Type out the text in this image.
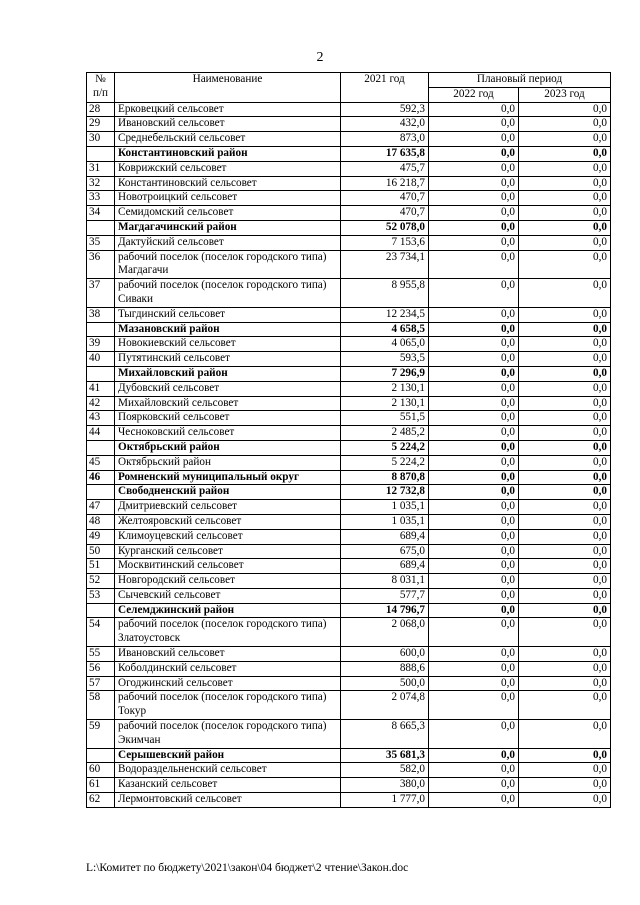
2
№ п/п	Наименование	2021 год	Плановый период	
			2022 год	2023 год
28	Ерковецкий сельсовет	592,3	0,0	0,0
29	Ивановский сельсовет	432,0	0,0	0,0
30	Среднебельский сельсовет	873,0	0,0	0,0
	Константиновский район	17 635,8	0,0	0,0
31	Коврижский сельсовет	475,7	0,0	0,0
32	Константиновский сельсовет	16 218,7	0,0	0,0
33	Новотроицкий сельсовет	470,7	0,0	0,0
34	Семидомский сельсовет	470,7	0,0	0,0
	Магдагачинский район	52 078,0	0,0	0,0
35	Дактуйский сельсовет	7 153,6	0,0	0,0
36	рабочий поселок (поселок городского типа) Магдагачи	23 734,1	0,0	0,0
37	рабочий поселок (поселок городского типа) Сиваки	8 955,8	0,0	0,0
38	Тыгдинский сельсовет	12 234,5	0,0	0,0
	Мазановский район	4 658,5	0,0	0,0
39	Новокиевский сельсовет	4 065,0	0,0	0,0
40	Путятинский сельсовет	593,5	0,0	0,0
	Михайловский район	7 296,9	0,0	0,0
41	Дубовский сельсовет	2 130,1	0,0	0,0
42	Михайловский сельсовет	2 130,1	0,0	0,0
43	Поярковский сельсовет	551,5	0,0	0,0
44	Чесноковский сельсовет	2 485,2	0,0	0,0
	Октябрьский район	5 224,2	0,0	0,0
45	Октябрьский район	5 224,2	0,0	0,0
46	Ромненский муниципальный округ	8 870,8	0,0	0,0
	Свободненский район	12 732,8	0,0	0,0
47	Дмитриевский сельсовет	1 035,1	0,0	0,0
48	Желтояровский сельсовет	1 035,1	0,0	0,0
49	Климоуцевский сельсовет	689,4	0,0	0,0
50	Курганский сельсовет	675,0	0,0	0,0
51	Москвитинский сельсовет	689,4	0,0	0,0
52	Новгородский сельсовет	8 031,1	0,0	0,0
53	Сычевский сельсовет	577,7	0,0	0,0
	Селемджинский район	14 796,7	0,0	0,0
54	рабочий поселок (поселок городского типа) Златоустовск	2 068,0	0,0	0,0
55	Ивановский сельсовет	600,0	0,0	0,0
56	Коболдинский сельсовет	888,6	0,0	0,0
57	Огоджинский сельсовет	500,0	0,0	0,0
58	рабочий поселок (поселок городского типа) Токур	2 074,8	0,0	0,0
59	рабочий поселок (поселок городского типа) Экимчан	8 665,3	0,0	0,0
	Серышевский район	35 681,3	0,0	0,0
60	Водораздельненский сельсовет	582,0	0,0	0,0
61	Казанский сельсовет	380,0	0,0	0,0
62	Лермонтовский сельсовет	1 777,0	0,0	0,0
L:\Комитет по бюджету\2021\закон\04 бюджет\2 чтение\Закон.doc
